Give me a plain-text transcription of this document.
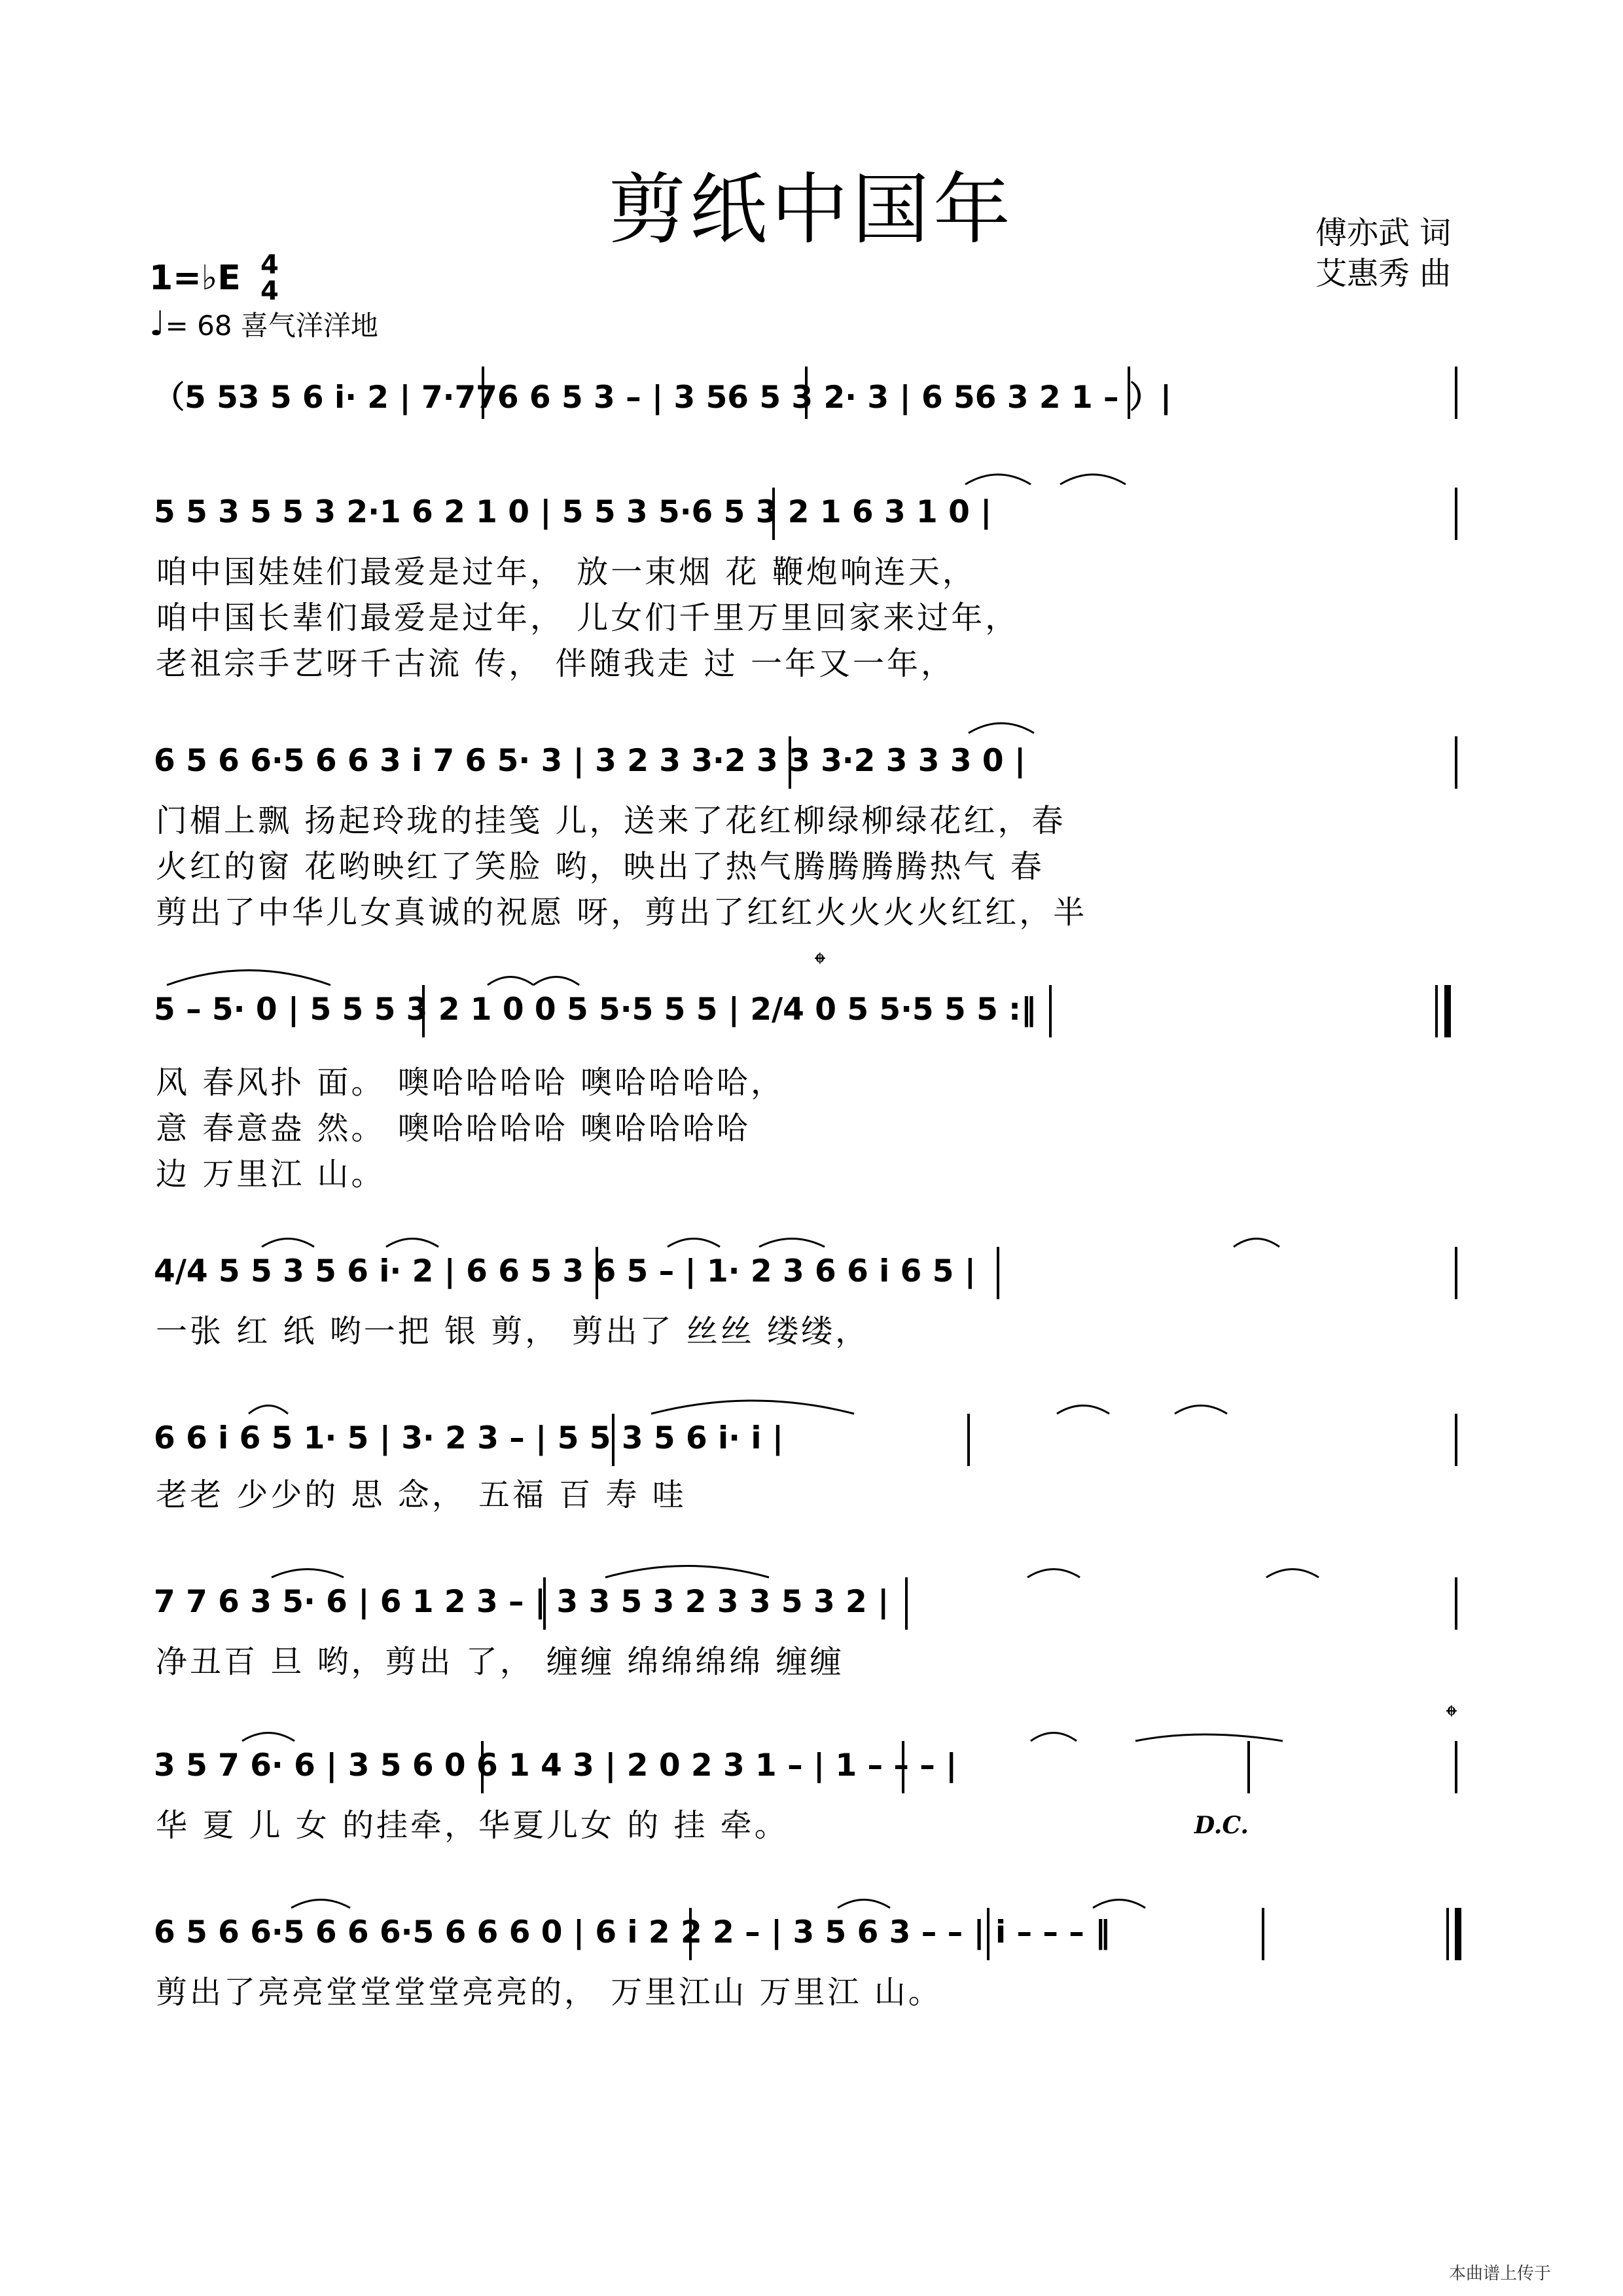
剪纸中国年	傅亦武 词
艾惠秀 曲
1=♭E 4
4
♩= 68 喜气洋洋地
（5 53 5 6 i· 2 | 7·776 6 5 3 – | 3 56 5 3 2· 3 | 6 56 3 2 1 – ）|
5 5 3 5 5 3 2·1 6 2 1 0 | 5 5 3 5·6 5 3 2 1 6 3 1 0 |
咱中国娃娃们最爱是过年， 放一束烟 花 鞭炮响连天，
咱中国长辈们最爱是过年， 儿女们千里万里回家来过年，
老祖宗手艺呀千古流 传， 伴随我走 过 一年又一年，
6 5 6 6·5 6 6 3 i 7 6 5· 3 | 3 2 3 3·2 3 3 3·2 3 3 3 0 |
门楣上飘 扬起玲珑的挂笺 儿，送来了花红柳绿柳绿花红，春
火红的窗 花哟映红了笑脸 哟，映出了热气腾腾腾腾热气 春
剪出了中华儿女真诚的祝愿 呀，剪出了红红火火火火红红，半
𝄌
5 – 5· 0 | 5 5 5 3 2 1 0 0 5 5·5 5 5 | 2/4 0 5 5·5 5 5 :‖
风 春风扑 面。 噢哈哈哈哈 噢哈哈哈哈，
意 春意盎 然。 噢哈哈哈哈 噢哈哈哈哈
边 万里江 山。
4/4 5 5 3 5 6 i· 2 | 6 6 5 3 6 5 – | 1· 2 3 6 6 i 6 5 |
一张 红 纸 哟一把 银 剪， 剪出了 丝丝 缕缕，
6 6 i 6 5 1· 5 | 3· 2 3 – | 5 5 3 5 6 i· i |
老老 少少的 思 念， 五福 百 寿 哇
7 7 6 3 5· 6 | 6 1 2 3 – | 3 3 5 3 2 3 3 5 3 2 |
净丑百 旦 哟，剪出 了， 缠缠 绵绵绵绵 缠缠
𝄌
3 5 7 6· 6 | 3 5 6 0 6 1 4 3 | 2 0 2 3 1 – | 1 – – – |
华 夏 儿 女 的挂牵，华夏儿女 的 挂 牵。	D.C.
6 5 6 6·5 6 6 6·5 6 6 6 0 | 6 i 2 2 2 – | 3 5 6 3 – – | i – – – ‖
剪出了亮亮堂堂堂堂亮亮的， 万里江山 万里江 山。
本曲谱上传于
